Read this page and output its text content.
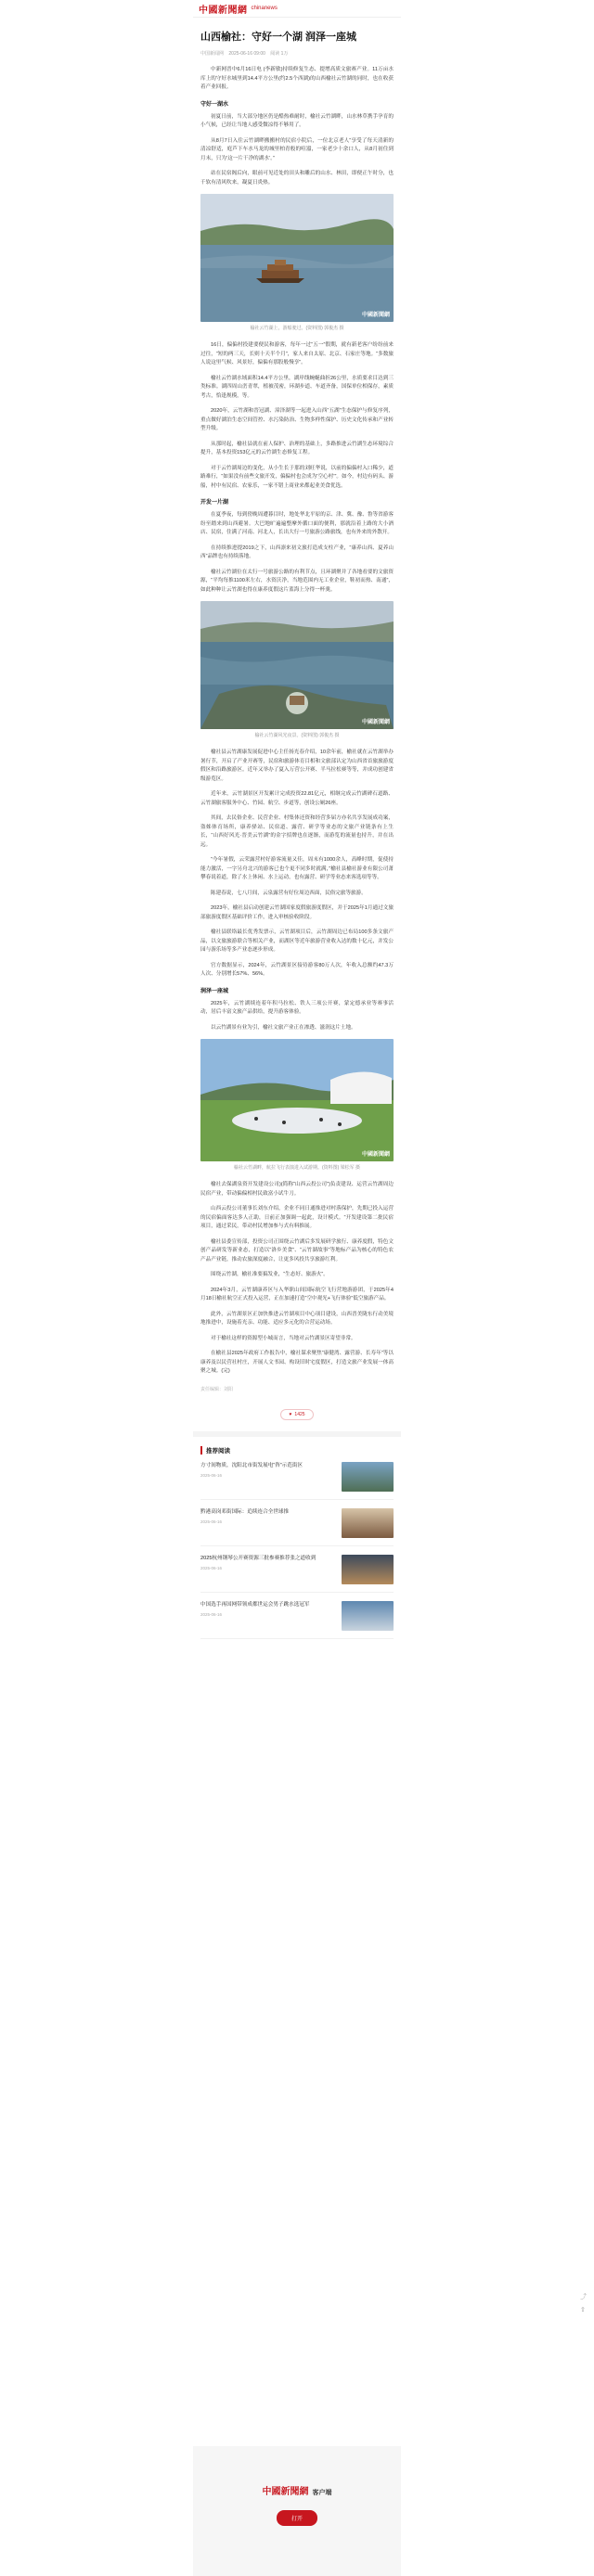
中國新聞網 chinanews
山西榆社：守好一个湖 润泽一座城
中国新闻网 2025-06-16 09:00 阅读 1万

中新网晋中6月16日电 (李新敏)持续修复生态、提增高质文旅赛产业。11万亩水库上的守好水城里到14.4平方公里(约2.5个西湖)的山西榆社云竹湖的同时，也在收获着产业回报。

守好一湖水

初夏日前，当大部分地区仍是酷热难耐时，榆社云竹湖畔，山水林草携手孕育的小气候，已经让当地人感受微凉得不够用了。

从8月7日入住云竹湖畔搬搬村的民宿小院后，一位北京老人“享受了每天清新的清凉舒适，庭芦下车水马龙的城里柏青般的喧嚣，一家老少十余口人，从8月初住到月末，只为‘这一片干净的湖水’。”

站在民宿阁后向，眼前可见近处的田头和雕后的山水、林田，即便正午时分，也千软有清风吹来，凝夏日炎热。

中國新聞網
榆社云竹湖上，游船驶过。(资料图) 郭俊杰 摄

16日，偏偏村投建要便民和游客，每年一过“五一”假期，就有新老客户纷纷前来过往，“短的两三天，长则十天半个月”，家人来自太原、北京、石家庄等地。“多数旅人说这里气候、风景好，偏偏有那股般慢享”。

榆社云竹湖水域面积14.4平方公里，湖岸线蜿蜒曲折26公里，水质要求目达到三类标准。湖四周山峦青翠，植被茂密，环湖步道、车道齐备，国保单位相保存，素质考古，恰逢规模，等。

2020年，云竹湖和晋冠湖、漳泽湖等一起进入山西“五湖”生态保护与修复序列，重点做好湖泊生态空间管控、水污染防治、生物多样性保护、历史文化传承和产业转型升级。

从那时起，榆社县就在前人保护、治理的基础上，多路推进云竹湖生态环境综合提升，基本投资153亿元的云竹湖生态修复工程。

对于云竹湖周边的变化，从小生长于那的刘旺华说，以前的偏偏村入口稀少，道路难行，“如果没有前些文旅开发，偏偏村也会成为‘空心村’”。如今，村边有码头、游船，村中有民宿、农家乐，一家不错上商业来都起业美食优选。

开发一片湖

在夏季夜，每到傍晚周遭暮目时，地处华北平原的京、津、冀、豫、鲁等省游客纷至踏来到山西避暑。大巴地旷遍遍整摩外循口面的便利，那就沿着上路的大小酒店、民宿，住满了河南、河北人，长出大行一号旅游公路旅线，也有外来的外散开。

在持续推进提2019之下，山西凛来初文旅打造成支柱产业，“康养山西、夏养山西”品牌也有持续落地。

榆社云竹湖位在太行一号旅游公路的有利节点，且环湖聚并了各地看要的文旅资源，“平均每推1100米左右，水资沃净，当地范围内无工业企业，鞋初而热、南通”，如此种种让云竹湖也得在康养度假这片蓝海上分得一杯羹。

中國新聞網
榆社云竹湖风光夜景。(资料图) 郭俊杰 摄

榆社县云竹湖康发展促进中心主任扬光春介绍，10余年前，榆社就在云竹湖举办暑行节，开启了产业开赛等，民宿和旅游体育目相和文旅部认定为山西省首旅旅游度假区和沿路旅游区。近年又举办了夏入万营公开赛、半马拉松赛等等，并成功创建省级游览区。

近年来，云竹湖景区开发累计完成投资22.81亿元，相继完成云竹湖碑石道路、云竹湖旅客服务中心、竹园、航空、步道等，创设公厕26座。

其间，去民俗企业、民营企业、村集体还资和经营多届方亦名共享发展成功案，盗姊体育场所，康养驿站、民宿道、露营、研学等业态的文旅产业链条有上生长，“山西好风光·晋美云竹湖”的金字招牌也在逐渐，而游览的流量也持升，并在出远。

“今年暑假，云荣露营村好游客流量又佳，周末有1000余人，高峰时期，促使持能力激活，一字另舟北兴的游客已也个更不同多时就满，”榆社县榆社游业有限公司萧攀春说着道，除了水上休闲、水上运动，也有露营、研学等业态来客选项等等。

陈建春说，七八月间，云泉露营有好位周边西面，民俗完旅等旅游。

2023年，榆社县启动创建云竹湖国家度假旅游度假区，并于2025年1月通过文旅部旅游度假区基础评价工作，进入审核验收阶段。

榆社县联络最长优秀发票示，云竹湖项目后，云竹湖周边已布局100多条文旅产品，以文旅旅游联合等相关产业，而湖区等近年旅游营业收入达的数十亿元，并发公园与游乐场等多产业态逐步形成。

官方数据显示，2024年，云竹湖景区接待游客80万人次，年收入总额约47.3万人次、分别增长57%、56%。

润泽一座城

2025年，云竹湖续连着年积马拉松、铁人三项公开赛，蒙定德承业等赛事活动，居后丰富文旅产品供给，提升游客体验。

以云竹湖景有业为引，榆社文旅产业正在渗透、滋润这片土地。

中國新聞網
榆社云竹湖畔，航拉飞行表演进入试游期。(资料图) 梁松军 摄

榆社去保湖泉资开发建设公司)(简称“山西云投公司”)负责建设、运营云竹湖周边民宿产业，带动偏偏相村民致富小试牛刀。

山西云投公司董事长刘东介绍，企业不同日通推进对村落保护，先期已投入运营的民宿偏面客达多人正助，日前正加强调一起此，设计模式。“开发建设第二批民宿项目，通过采民，带动村民增加参与式有料推展。

榆社县委宣传部，投资公司正围绕云竹湖后多发展研学旅行、康养度假，特色文创产品研发等新业态，打造以“洛乡美食”、“云竹湖故事”等地标产品为核心的特色农产品产业链，推动农旅深度融合，让更多风投共享旅游红利。

围绕云竹湖，榆社准要搞发业，“生态好、旅游火”。

2024年3月，云竹湖康养区与入华职山间国际航空飞行营地游游团，于2025年4月18日榆社航空正式投入运营，正在加速打造“空中观光+飞行体验”低空旅游产品。

此外，云竹湖景区正加快推进云竹湖项目中心项目建设，山西晋美陇东行动美境地推进中，设施着光亲、功能、适应多元化的合营运动场。

对于榆社这样的资源型小城而言，当地对云竹湖景区寄望非常。

在榆社县2025年政府工作报告中，榆社谋求聚焦“康健湾、露营游、长寿年”等以康养及以民营社村庄，开展人文书园、构设旧时宅度假区，打造文旅产业发展一体高聚之城。(完)

责任编辑：刘阳
♥ 1425
推荐阅读
方寸间物质，沈阳北市街发展电“咨”示范街区
2025-06-16
黔港高岗邓街国际：追续连合全世球推
2025-06-16
2025杭州钢琴公开赛资源三批参赛推荐张之道收到
2025-06-16
中国选手再国网带领成都世运会男子跳水选冠军
2025-06-16
中國新聞網 客户端
打开
⤴
⇧
